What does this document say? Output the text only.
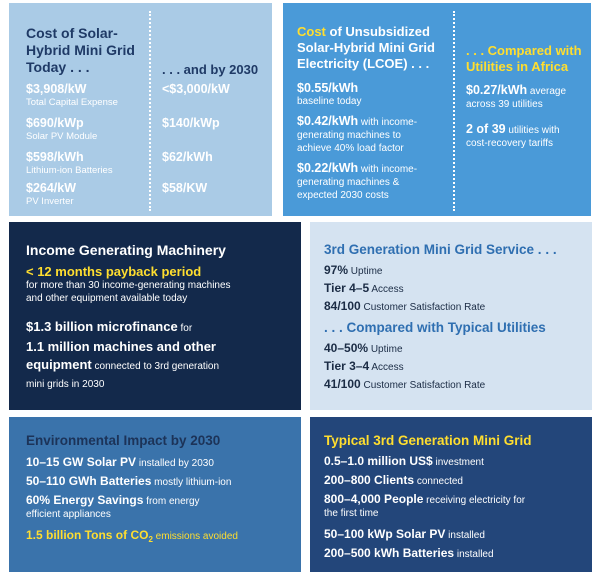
Cost of Solar-
Hybrid Mini Grid
Today . . .	. . . and by 2030
$3,908/kW
Total Capital Expense
<$3,000/kW
$690/kWp
Solar PV Module
$140/kWp
$598/kWh
Lithium-ion Batteries
$62/kWh
$264/kW
PV Inverter
$58/KW
Cost of Unsubsidized
Solar-Hybrid Mini Grid
Electricity (LCOE) . . .
$0.55/kWh
baseline today
$0.42/kWh with income-
generating machines to
achieve 40% load factor
$0.22/kWh with income-
generating machines &
expected 2030 costs
. . . Compared with
Utilities in Africa
$0.27/kWh average
across 39 utilities
2 of 39 utilities with
cost-recovery tariffs
Income Generating Machinery
< 12 months payback period
for more than 30 income-generating machines
and other equipment available today
$1.3 billion microfinance for
1.1 million machines and other
equipment connected to 3rd generation
mini grids in 2030
3rd Generation Mini Grid Service . . .
97% Uptime
Tier 4–5 Access
84/100 Customer Satisfaction Rate
. . . Compared with Typical Utilities
40–50% Uptime
Tier 3–4 Access
41/100 Customer Satisfaction Rate
Environmental Impact by 2030
10–15 GW Solar PV installed by 2030
50–110 GWh Batteries mostly lithium-ion
60% Energy Savings from energy
efficient appliances
1.5 billion Tons of $CO_2$ emissions avoided
Typical 3rd Generation Mini Grid
0.5–1.0 million US$ investment
200–800 Clients connected
800–4,000 People receiving electricity for
the first time
50–100 kWp Solar PV installed
200–500 kWh Batteries installed
